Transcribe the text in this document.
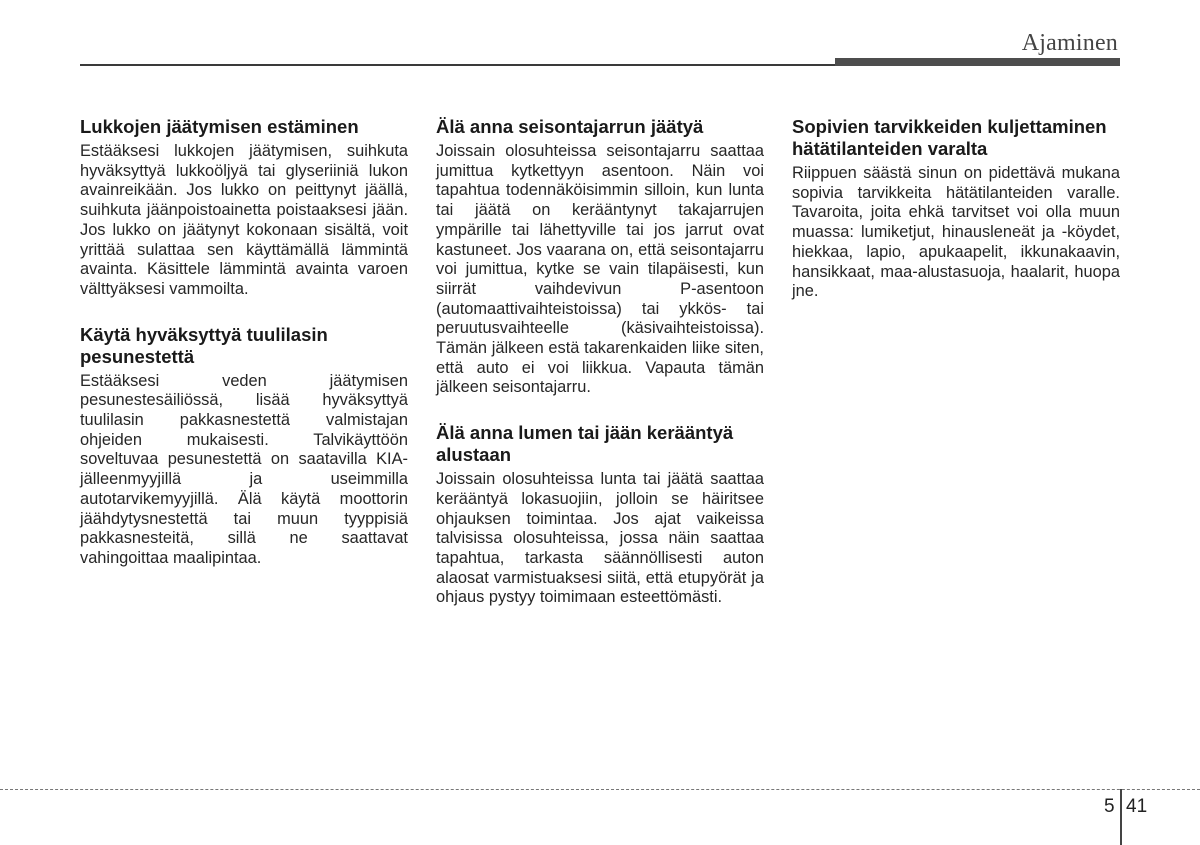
Ajaminen
Lukkojen jäätymisen estäminen

Estääksesi lukkojen jäätymisen, suihkuta hyväksyttyä lukkoöljyä tai glyseriiniä lukon avainreikään. Jos lukko on peittynyt jäällä, suihkuta jäänpoistoainetta poistaaksesi jään. Jos lukko on jäätynyt kokonaan sisältä, voit yrittää sulattaa sen käyttämällä lämmintä avainta. Käsittele lämmintä avainta varoen välttyäksesi vammoilta.

Käytä hyväksyttyä tuulilasin pesunestettä

Estääksesi veden jäätymisen pesunestesäiliössä, lisää hyväksyttyä tuulilasin pakkasnestettä valmistajan ohjeiden mukaisesti. Talvikäyttöön soveltuvaa pesunestettä on saatavilla KIA-jälleenmyyjillä ja useimmilla autotarvikemyyjillä. Älä käytä moottorin jäähdytysnestettä tai muun tyyppisiä pakkasnesteitä, sillä ne saattavat vahingoittaa maalipintaa.

Älä anna seisontajarrun jäätyä

Joissain olosuhteissa seisontajarru saattaa jumittua kytkettyyn asentoon. Näin voi tapahtua todennäköisimmin silloin, kun lunta tai jäätä on kerääntynyt takajarrujen ympärille tai lähettyville tai jos jarrut ovat kastuneet. Jos vaarana on, että seisontajarru voi jumittua, kytke se vain tilapäisesti, kun siirrät vaihdevivun P-asentoon (automaattivaihteistoissa) tai ykkös- tai peruutusvaihteelle (käsivaihteistoissa). Tämän jälkeen estä takarenkaiden liike siten, että auto ei voi liikkua. Vapauta tämän jälkeen seisontajarru.

Älä anna lumen tai jään kerääntyä alustaan

Joissain olosuhteissa lunta tai jäätä saattaa kerääntyä lokasuojiin, jolloin se häiritsee ohjauksen toimintaa. Jos ajat vaikeissa talvisissa olosuhteissa, jossa näin saattaa tapahtua, tarkasta säännöllisesti auton alaosat varmistuaksesi siitä, että etupyörät ja ohjaus pystyy toimimaan esteettömästi.

Sopivien tarvikkeiden kuljettaminen hätätilanteiden varalta

Riippuen säästä sinun on pidettävä mukana sopivia tarvikkeita hätätilanteiden varalle. Tavaroita, joita ehkä tarvitset voi olla muun muassa: lumiketjut, hinausleneät ja -köydet, hiekkaa, lapio, apukaapelit, ikkunakaavin, hansikkaat, maa-alustasuoja, haalarit, huopa jne.

5 41
